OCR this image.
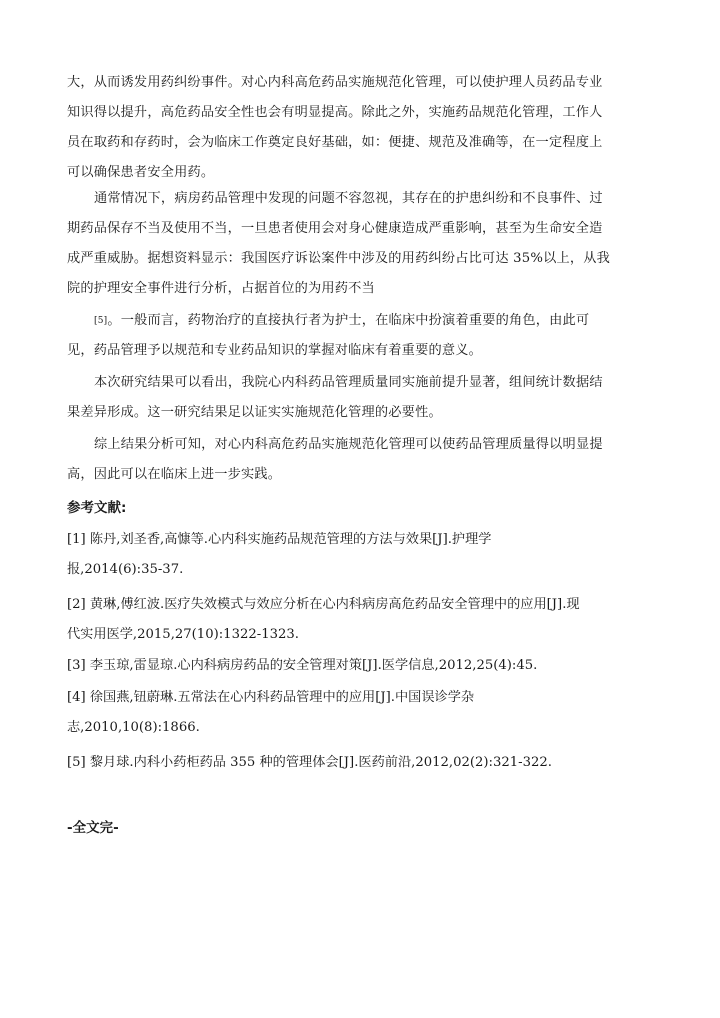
大，从而诱发用药纠纷事件。对心内科高危药品实施规范化管理，可以使护理人员药品专业

知识得以提升，高危药品安全性也会有明显提高。除此之外，实施药品规范化管理，工作人

员在取药和存药时，会为临床工作奠定良好基础，如：便捷、规范及准确等，在一定程度上

可以确保患者安全用药。

通常情况下，病房药品管理中发现的问题不容忽视，其存在的护患纠纷和不良事件、过

期药品保存不当及使用不当，一旦患者使用会对身心健康造成严重影响，甚至为生命安全造

成严重威胁。据想资料显示：我国医疗诉讼案件中涉及的用药纠纷占比可达 35%以上，从我

院的护理安全事件进行分析，占据首位的为用药不当

[5]。一般而言，药物治疗的直接执行者为护士，在临床中扮演着重要的角色，由此可

见，药品管理予以规范和专业药品知识的掌握对临床有着重要的意义。

本次研究结果可以看出，我院心内科药品管理质量同实施前提升显著，组间统计数据结

果差异形成。这一研究结果足以证实实施规范化管理的必要性。

综上结果分析可知，对心内科高危药品实施规范化管理可以使药品管理质量得以明显提

高，因此可以在临床上进一步实践。

参考文献:

[1] 陈丹,刘圣香,高慷等.心内科实施药品规范管理的方法与效果[J].护理学

报,2014(6):35-37.

[2] 黄琳,傅红波.医疗失效模式与效应分析在心内科病房高危药品安全管理中的应用[J].现

代实用医学,2015,27(10):1322-1323.

[3] 李玉琼,雷显琼.心内科病房药品的安全管理对策[J].医学信息,2012,25(4):45.

[4] 徐国燕,钮蔚琳.五常法在心内科药品管理中的应用[J].中国误诊学杂

志,2010,10(8):1866.

[5] 黎月球.内科小药柜药品 355 种的管理体会[J].医药前沿,2012,02(2):321-322.

-全文完-
